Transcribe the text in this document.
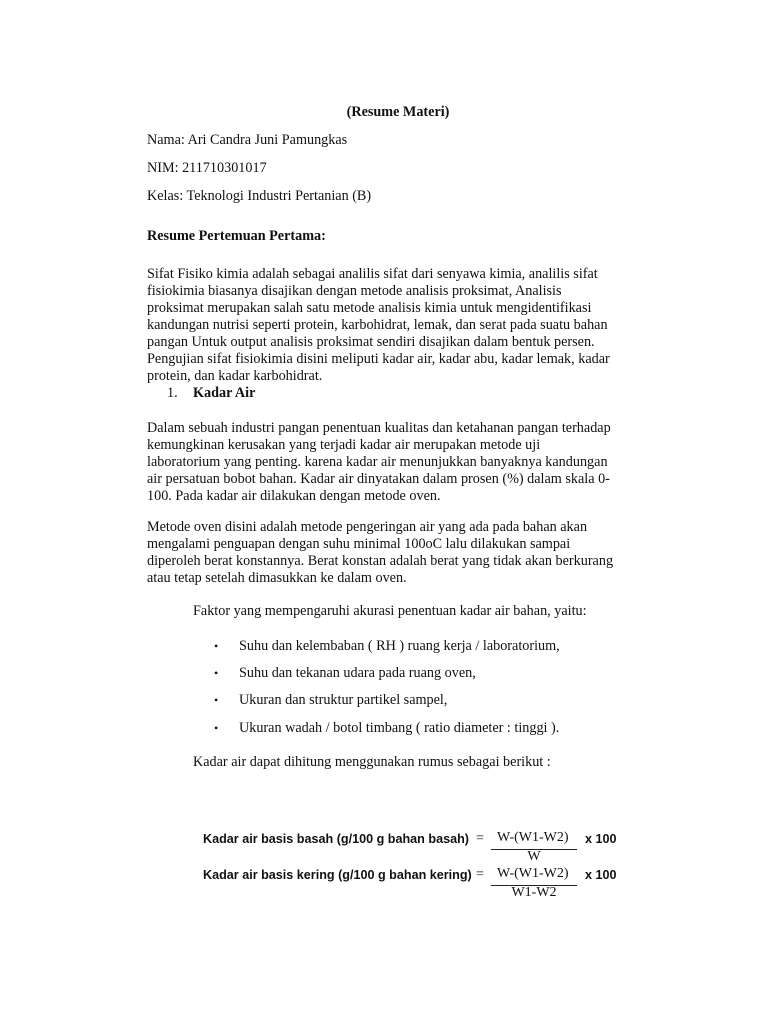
(Resume Materi)
Nama: Ari Candra Juni Pamungkas
NIM: 211710301017
Kelas: Teknologi Industri Pertanian (B)
Resume Pertemuan Pertama:
Sifat Fisiko kimia adalah sebagai analilis sifat dari senyawa kimia, analilis sifat
fisiokimia biasanya disajikan dengan metode analisis proksimat, Analisis
proksimat merupakan salah satu metode analisis kimia untuk mengidentifikasi
kandungan nutrisi seperti protein, karbohidrat, lemak, dan serat pada suatu bahan
pangan Untuk output analisis proksimat sendiri disajikan dalam bentuk persen.
Pengujian sifat fisiokimia disini meliputi kadar air, kadar abu, kadar lemak, kadar
protein, dan kadar karbohidrat.
1. Kadar Air
Dalam sebuah industri pangan penentuan kualitas dan ketahanan pangan terhadap
kemungkinan kerusakan yang terjadi kadar air merupakan metode uji
laboratorium yang penting. karena kadar air menunjukkan banyaknya kandungan
air persatuan bobot bahan. Kadar air dinyatakan dalam prosen (%) dalam skala 0-
100. Pada kadar air dilakukan dengan metode oven.
Metode oven disini adalah metode pengeringan air yang ada pada bahan akan
mengalami penguapan dengan suhu minimal 100oC lalu dilakukan sampai
diperoleh berat konstannya. Berat konstan adalah berat yang tidak akan berkurang
atau tetap setelah dimasukkan ke dalam oven.
Faktor yang mempengaruhi akurasi penentuan kadar air bahan, yaitu:
• Suhu dan kelembaban ( RH ) ruang kerja / laboratorium,
• Suhu dan tekanan udara pada ruang oven,
• Ukuran dan struktur partikel sampel,
• Ukuran wadah / botol timbang ( ratio diameter : tinggi ).
Kadar air dapat dihitung menggunakan rumus sebagai berikut :
Kadar air basis basah (g/100 g bahan basah) = W-(W1-W2)
W
x 100
Kadar air basis kering (g/100 g bahan kering) = W-(W1-W2)
W1-W2
x 100
